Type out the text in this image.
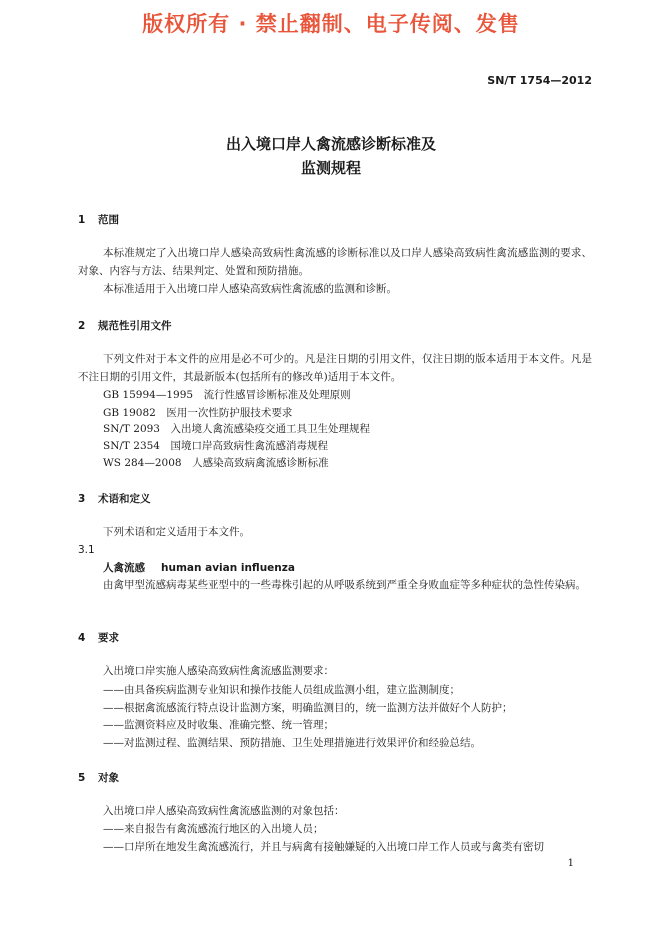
版权所有 · 禁止翻制、电子传阅、发售
SN/T 1754—2012
出入境口岸人禽流感诊断标准及
监测规程
1 范围
本标准规定了入出境口岸人感染高致病性禽流感的诊断标准以及口岸人感染高致病性禽流感监测的要求、对象、内容与方法、结果判定、处置和预防措施。
本标准适用于入出境口岸人感染高致病性禽流感的监测和诊断。
2 规范性引用文件
下列文件对于本文件的应用是必不可少的。凡是注日期的引用文件，仅注日期的版本适用于本文件。凡是不注日期的引用文件，其最新版本(包括所有的修改单)适用于本文件。
GB 15994—1995　流行性感冒诊断标准及处理原则
GB 19082　医用一次性防护服技术要求
SN/T 2093　入出境人禽流感染疫交通工具卫生处理规程
SN/T 2354　国境口岸高致病性禽流感消毒规程
WS 284—2008　人感染高致病禽流感诊断标准
3 术语和定义
下列术语和定义适用于本文件。
3.1
人禽流感 human avian influenza
由禽甲型流感病毒某些亚型中的一些毒株引起的从呼吸系统到严重全身败血症等多种症状的急性传染病。
4 要求
入出境口岸实施人感染高致病性禽流感监测要求：
——由具备疾病监测专业知识和操作技能人员组成监测小组，建立监测制度；
——根据禽流感流行特点设计监测方案，明确监测目的，统一监测方法并做好个人防护；
——监测资料应及时收集、准确完整、统一管理；
——对监测过程、监测结果、预防措施、卫生处理措施进行效果评价和经验总结。
5 对象
入出境口岸人感染高致病性禽流感监测的对象包括：
——来自报告有禽流感流行地区的入出境人员；
——口岸所在地发生禽流感流行，并且与病禽有接触嫌疑的入出境口岸工作人员或与禽类有密切
1
